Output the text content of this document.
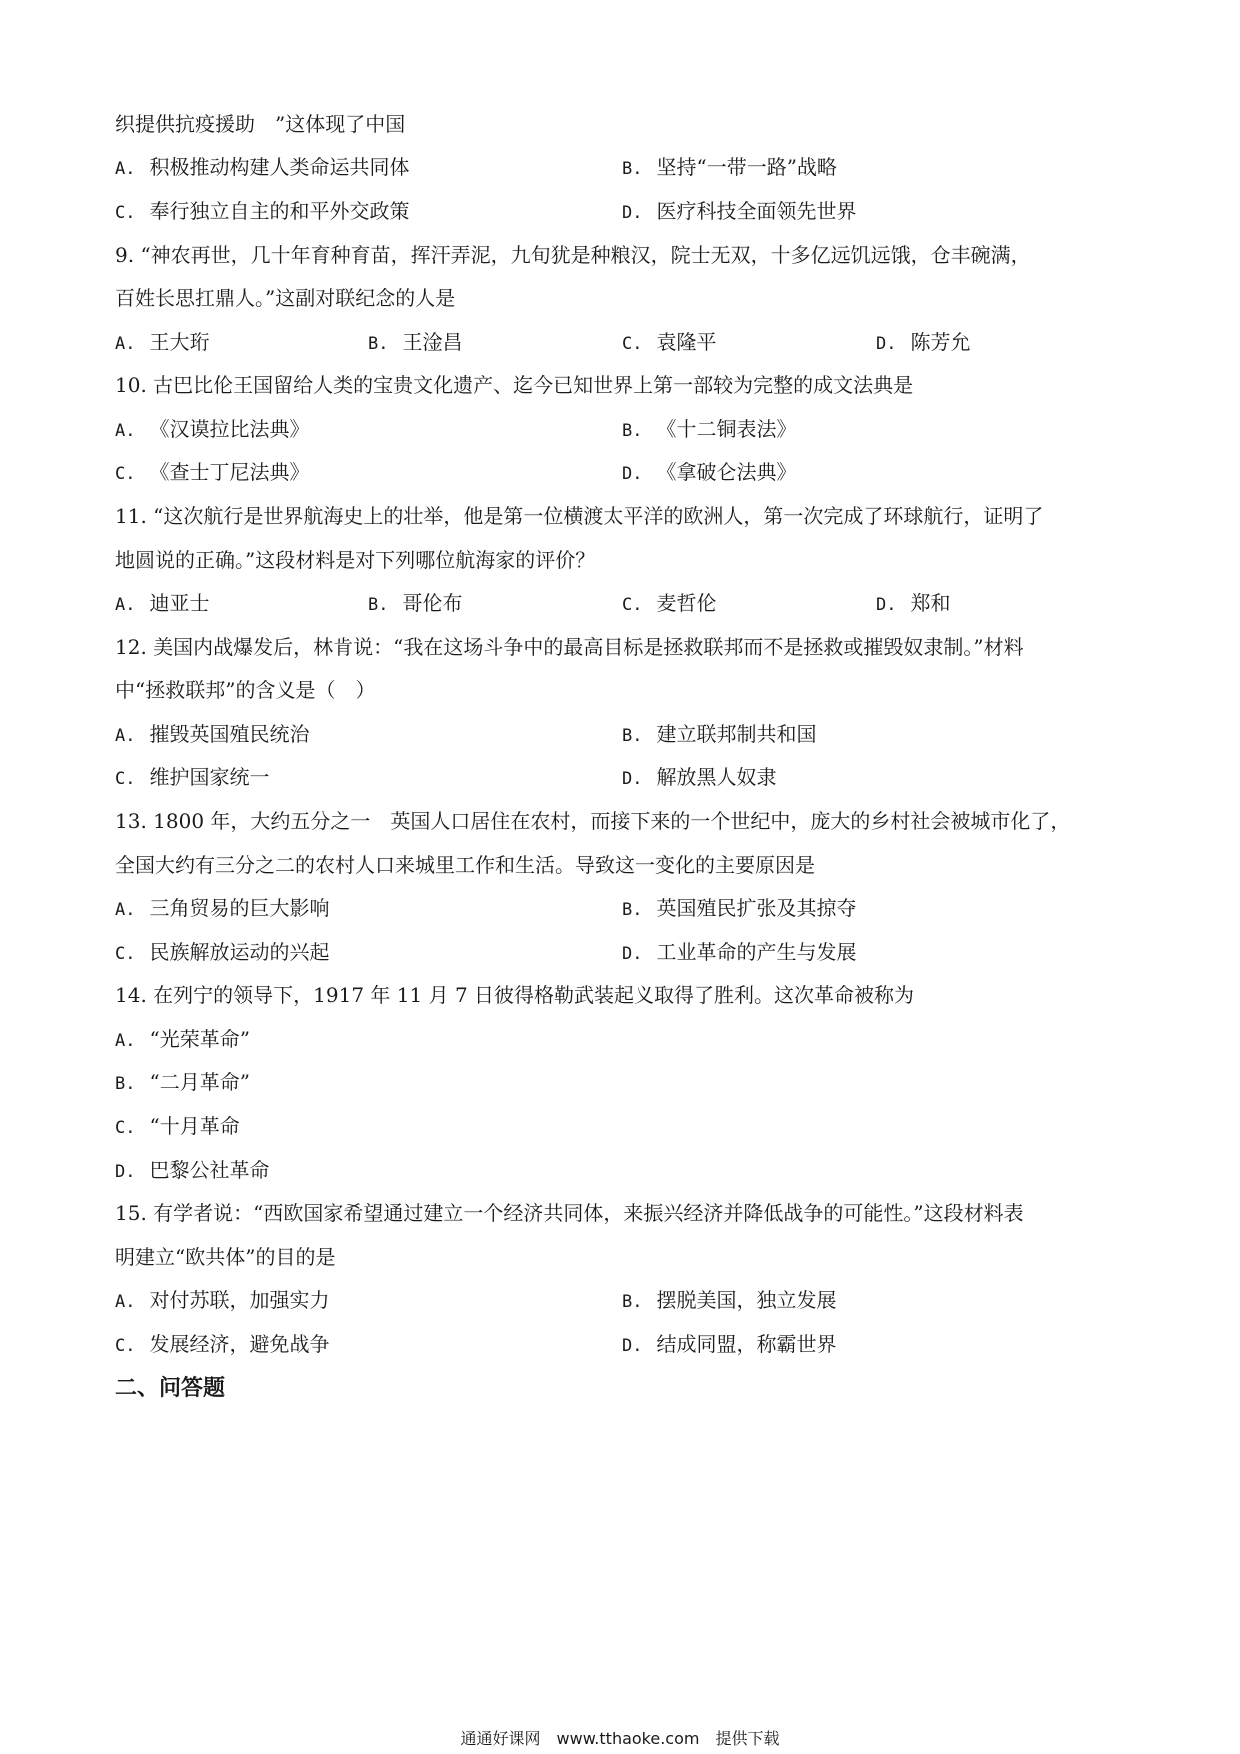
织提供抗疫援助　”这体现了中国
A. 积极推动构建人类命运共同体	B. 坚持“一带一路”战略
C. 奉行独立自主的和平外交政策	D. 医疗科技全面领先世界
9. “神农再世，几十年育种育苗，挥汗弄泥，九旬犹是种粮汉，院士无双，十多亿远饥远饿，仓丰碗满，
百姓长思扛鼎人。”这副对联纪念的人是
A. 王大珩	B. 王淦昌	C. 袁隆平	D. 陈芳允
10. 古巴比伦王国留给人类的宝贵文化遗产、迄今已知世界上第一部较为完整的成文法典是
A. 《汉谟拉比法典》	B. 《十二铜表法》
C. 《查士丁尼法典》	D. 《拿破仑法典》
11. “这次航行是世界航海史上的壮举，他是第一位横渡太平洋的欧洲人，第一次完成了环球航行，证明了
地圆说的正确。”这段材料是对下列哪位航海家的评价？
A. 迪亚士	B. 哥伦布	C. 麦哲伦	D. 郑和
12. 美国内战爆发后，林肯说：“我在这场斗争中的最高目标是拯救联邦而不是拯救或摧毁奴隶制。”材料
中“拯救联邦”的含义是（　）
A. 摧毁英国殖民统治	B. 建立联邦制共和国
C. 维护国家统一	D. 解放黑人奴隶
13. 1800 年，大约五分之一　英国人口居住在农村，而接下来的一个世纪中，庞大的乡村社会被城市化了，
全国大约有三分之二的农村人口来城里工作和生活。导致这一变化的主要原因是
A. 三角贸易的巨大影响	B. 英国殖民扩张及其掠夺
C. 民族解放运动的兴起	D. 工业革命的产生与发展
14. 在列宁的领导下，1917 年 11 月 7 日彼得格勒武装起义取得了胜利。这次革命被称为
A. “光荣革命”
B. “二月革命”
C. “十月革命
D. 巴黎公社革命
15. 有学者说：“西欧国家希望通过建立一个经济共同体，来振兴经济并降低战争的可能性。”这段材料表
明建立“欧共体”的目的是
A. 对付苏联，加强实力	B. 摆脱美国，独立发展
C. 发展经济，避免战争	D. 结成同盟，称霸世界
二、问答题
通通好课网　www.tthaoke.com　提供下载
